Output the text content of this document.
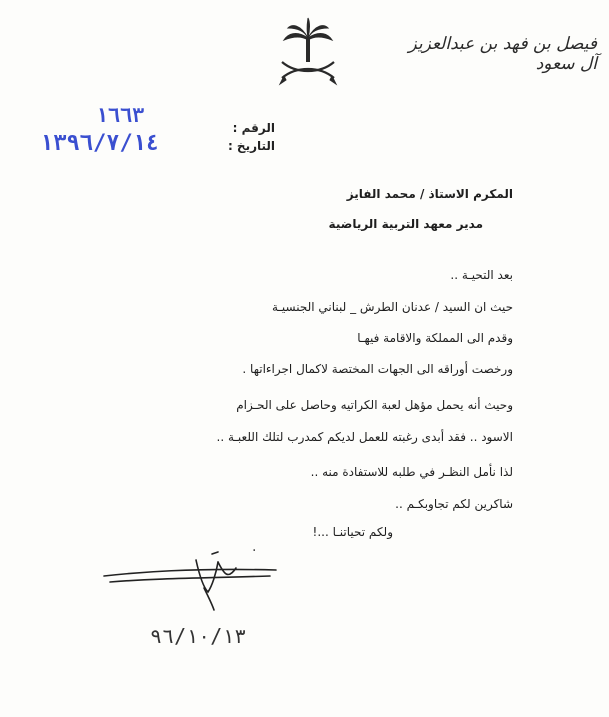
فيصل بن فهد بن عبدالعزيز آل سعود
١٦٦٣
١٣٩٦/٧/١٤
الرقم :
التاريخ :
المكرم الاستاذ / محمد الفايز
مدير معهد التربية الرياضية
بعد التحيـة ..
حيث ان السيد / عدنان الطرش _ لبناني الجنسيـة
وقدم الى المملكة والاقامة فيهـا
ورخصت أوراقه الى الجهات المختصة لاكمال اجراءاتها .
وحيث أنه يحمل مؤهل لعبة الكراتيه وحاصل على الحـزام
الاسود .. فقد أبدى رغبته للعمل لديكم كمدرب لتلك اللعبـة ..
لذا نأمل النظـر في طلبه للاستفادة منه ..
شاكرين لكم تجاوبكـم ..
ولكم تحياتنـا ...!
·
٩٦/١٠/١٣
